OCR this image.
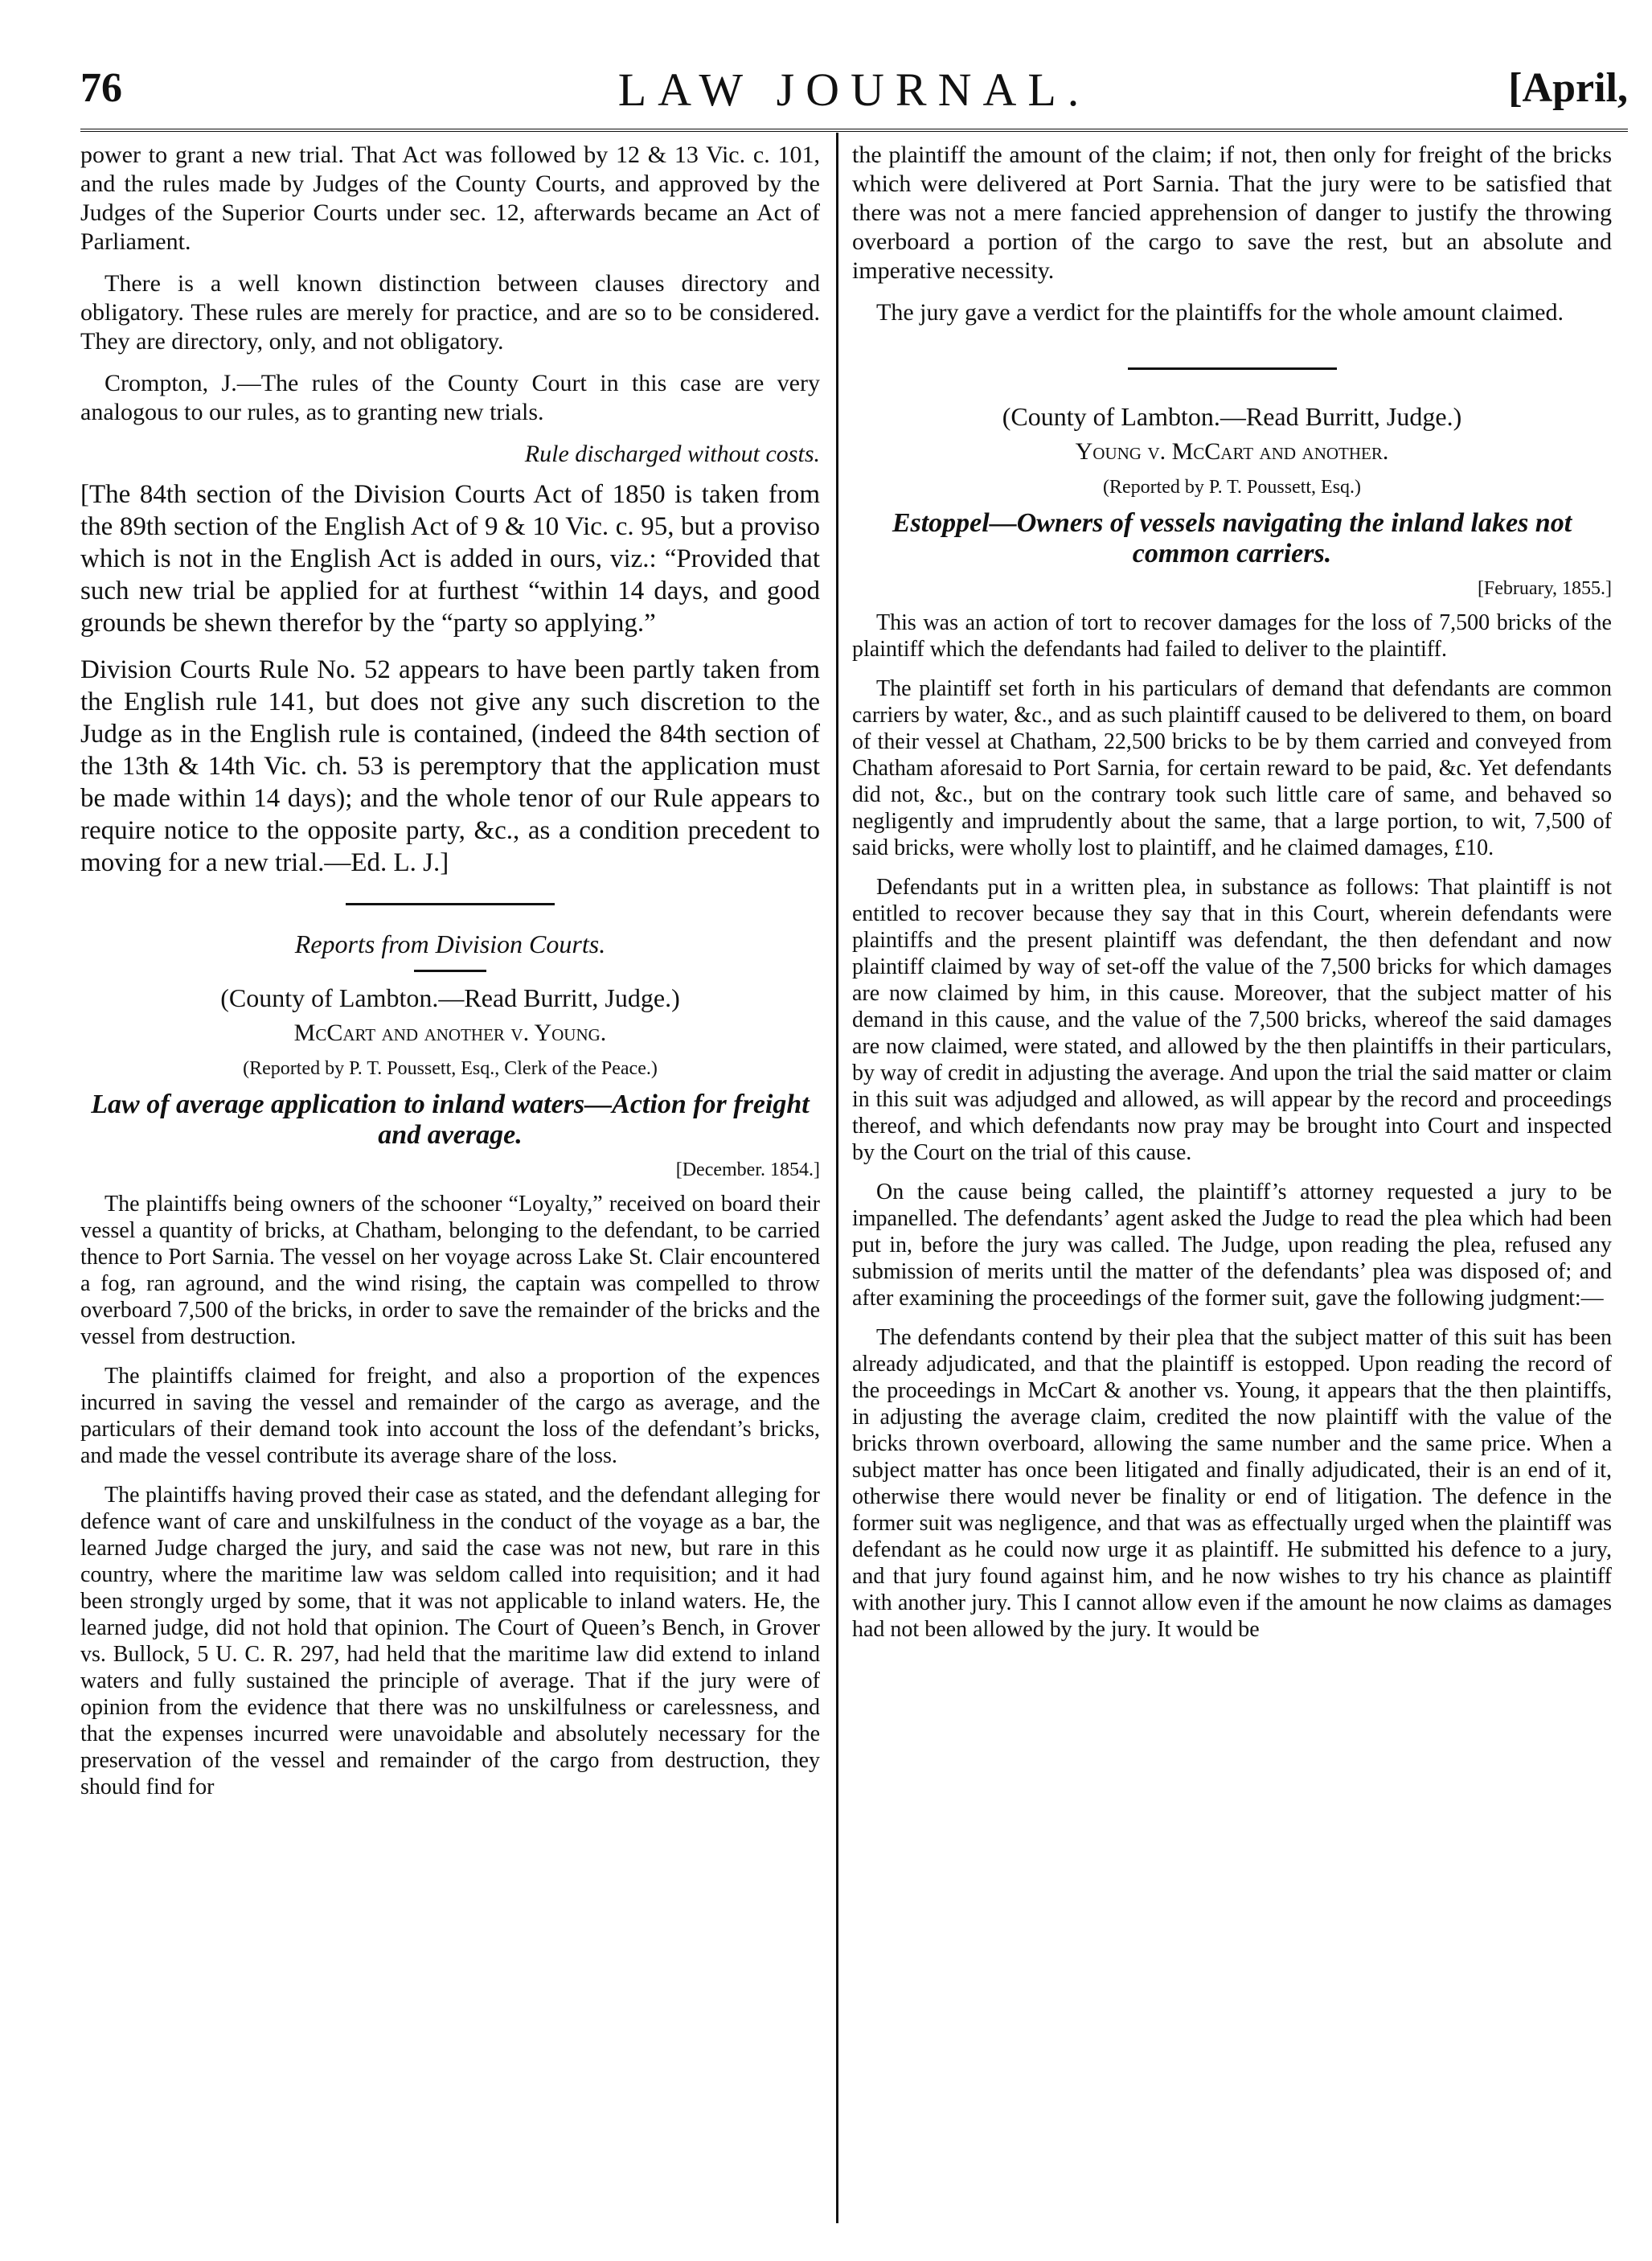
76	LAW JOURNAL.	[April,

power to grant a new trial. That Act was followed by 12 & 13 Vic. c. 101, and the rules made by Judges of the County Courts, and approved by the Judges of the Superior Courts under sec. 12, afterwards became an Act of Parliament.

There is a well known distinction between clauses directory and obligatory. These rules are merely for practice, and are so to be considered. They are directory, only, and not obligatory.

Crompton, J.—The rules of the County Court in this case are very analogous to our rules, as to granting new trials.

Rule discharged without costs.

[The 84th section of the Division Courts Act of 1850 is taken from the 89th section of the English Act of 9 & 10 Vic. c. 95, but a proviso which is not in the English Act is added in ours, viz.: “Provided that such new trial be applied for at furthest “within 14 days, and good grounds be shewn therefor by the “party so applying.”

Division Courts Rule No. 52 appears to have been partly taken from the English rule 141, but does not give any such discretion to the Judge as in the English rule is contained, (indeed the 84th section of the 13th & 14th Vic. ch. 53 is peremptory that the application must be made within 14 days); and the whole tenor of our Rule appears to require notice to the opposite party, &c., as a condition precedent to moving for a new trial.—Ed. L. J.]

Reports from Division Courts.
(County of Lambton.—Read Burritt, Judge.)
McCart and another v. Young.
(Reported by P. T. Poussett, Esq., Clerk of the Peace.)
Law of average application to inland waters—Action for freight and average.
[December. 1854.]

The plaintiffs being owners of the schooner “Loyalty,” received on board their vessel a quantity of bricks, at Chatham, belonging to the defendant, to be carried thence to Port Sarnia. The vessel on her voyage across Lake St. Clair encountered a fog, ran aground, and the wind rising, the captain was compelled to throw overboard 7,500 of the bricks, in order to save the remainder of the bricks and the vessel from destruction.

The plaintiffs claimed for freight, and also a proportion of the expences incurred in saving the vessel and remainder of the cargo as average, and the particulars of their demand took into account the loss of the defendant’s bricks, and made the vessel contribute its average share of the loss.

The plaintiffs having proved their case as stated, and the defendant alleging for defence want of care and unskilfulness in the conduct of the voyage as a bar, the learned Judge charged the jury, and said the case was not new, but rare in this country, where the maritime law was seldom called into requisition; and it had been strongly urged by some, that it was not applicable to inland waters. He, the learned judge, did not hold that opinion. The Court of Queen’s Bench, in Grover vs. Bullock, 5 U. C. R. 297, had held that the maritime law did extend to inland waters and fully sustained the principle of average. That if the jury were of opinion from the evidence that there was no unskilfulness or carelessness, and that the expenses incurred were unavoidable and absolutely necessary for the preservation of the vessel and remainder of the cargo from destruction, they should find for

the plaintiff the amount of the claim; if not, then only for freight of the bricks which were delivered at Port Sarnia. That the jury were to be satisfied that there was not a mere fancied apprehension of danger to justify the throwing overboard a portion of the cargo to save the rest, but an absolute and imperative necessity.

The jury gave a verdict for the plaintiffs for the whole amount claimed.

(County of Lambton.—Read Burritt, Judge.)
Young v. McCart and another.
(Reported by P. T. Poussett, Esq.)
Estoppel—Owners of vessels navigating the inland lakes not common carriers.
[February, 1855.]

This was an action of tort to recover damages for the loss of 7,500 bricks of the plaintiff which the defendants had failed to deliver to the plaintiff.

The plaintiff set forth in his particulars of demand that defendants are common carriers by water, &c., and as such plaintiff caused to be delivered to them, on board of their vessel at Chatham, 22,500 bricks to be by them carried and conveyed from Chatham aforesaid to Port Sarnia, for certain reward to be paid, &c. Yet defendants did not, &c., but on the contrary took such little care of same, and behaved so negligently and imprudently about the same, that a large portion, to wit, 7,500 of said bricks, were wholly lost to plaintiff, and he claimed damages, £10.

Defendants put in a written plea, in substance as follows: That plaintiff is not entitled to recover because they say that in this Court, wherein defendants were plaintiffs and the present plaintiff was defendant, the then defendant and now plaintiff claimed by way of set-off the value of the 7,500 bricks for which damages are now claimed by him, in this cause. Moreover, that the subject matter of his demand in this cause, and the value of the 7,500 bricks, whereof the said damages are now claimed, were stated, and allowed by the then plaintiffs in their particulars, by way of credit in adjusting the average. And upon the trial the said matter or claim in this suit was adjudged and allowed, as will appear by the record and proceedings thereof, and which defendants now pray may be brought into Court and inspected by the Court on the trial of this cause.

On the cause being called, the plaintiff’s attorney requested a jury to be impanelled. The defendants’ agent asked the Judge to read the plea which had been put in, before the jury was called. The Judge, upon reading the plea, refused any submission of merits until the matter of the defendants’ plea was disposed of; and after examining the proceedings of the former suit, gave the following judgment:—

The defendants contend by their plea that the subject matter of this suit has been already adjudicated, and that the plaintiff is estopped. Upon reading the record of the proceedings in McCart & another vs. Young, it appears that the then plaintiffs, in adjusting the average claim, credited the now plaintiff with the value of the bricks thrown overboard, allowing the same number and the same price. When a subject matter has once been litigated and finally adjudicated, their is an end of it, otherwise there would never be finality or end of litigation. The defence in the former suit was negligence, and that was as effectually urged when the plaintiff was defendant as he could now urge it as plaintiff. He submitted his defence to a jury, and that jury found against him, and he now wishes to try his chance as plaintiff with another jury. This I cannot allow even if the amount he now claims as damages had not been allowed by the jury. It would be
